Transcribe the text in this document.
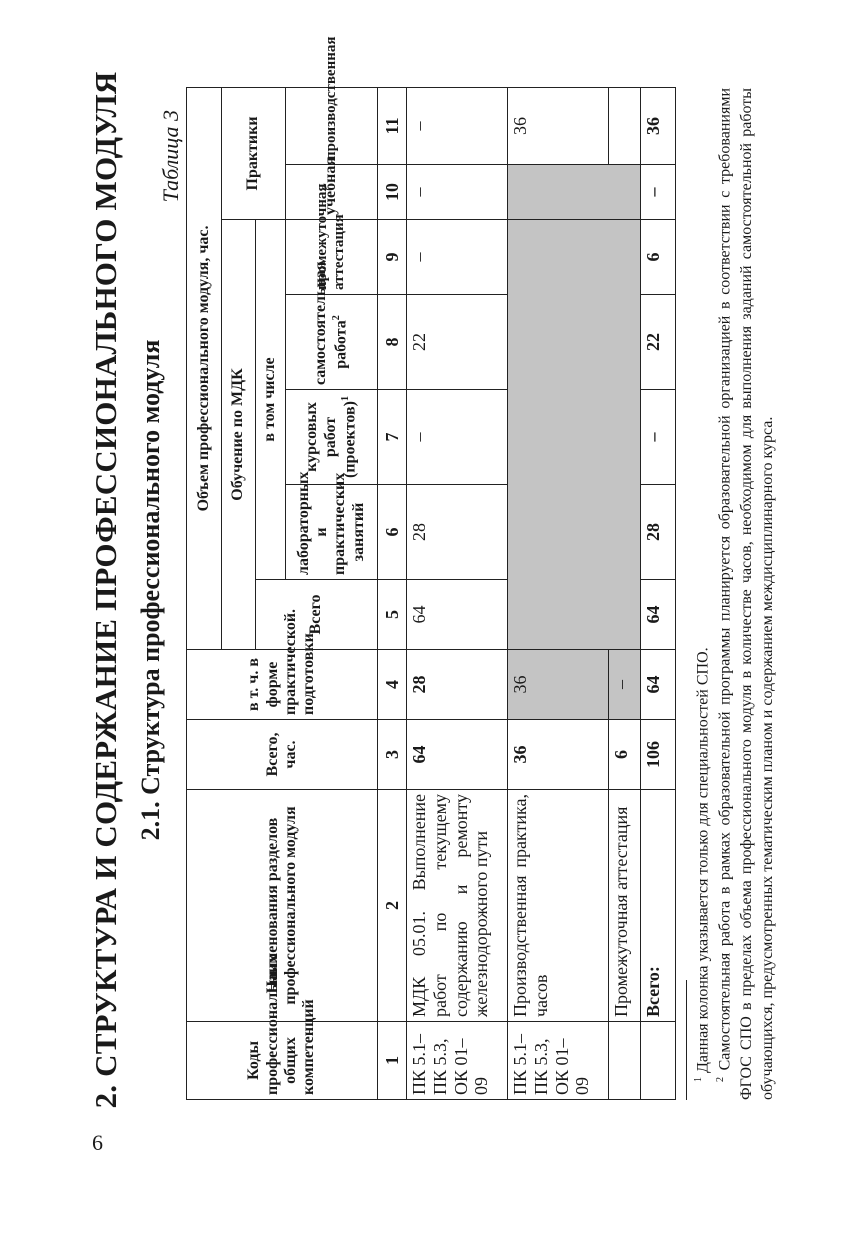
6
2. СТРУКТУРА И СОДЕРЖАНИЕ ПРОФЕССИОНАЛЬНОГО МОДУЛЯ 2.1. Структура профессионального модуля
Таблица 3
Коды профессиональных общих компетенций	Наименования разделов профессионального модуля	Всего, час.	в т. ч. в форме практической. подготовки	Объем профессионального модуля, час.						
				Обучение по МДК					Практики	
				Всего	в том числе					
					лабораторных и практических занятий	курсовых работ (проектов)$^1$	самостоятельная работа$^2$	промежуточная аттестация	учебная	производственная
1	2	3	4	5	6	7	8	9	10	11
ПК 5.1–ПК 5.3, ОК 01–09	МДК 05.01. Выполнение работ по текущему содержанию и ремонту железнодорожного пути	64	28	64	28	–	22	–	–	–
ПК 5.1–ПК 5.3, ОК 01–09	Производственная практика, часов	36	36							36
	Промежуточная аттестация	6	–							
	Всего:	106	64	64	28	–	22	6	–	36

$^1$ Данная колонка указывается только для специальностей СПО.

$^2$ Самостоятельная работа в рамках образовательной программы планируется образовательной организацией в соответствии с требованиями ФГОС СПО в пределах объема профессионального модуля в количестве часов, необходимом для выполнения заданий самостоятельной работы обучающихся, предусмотренных тематическим планом и содержанием междисциплинарного курса.
